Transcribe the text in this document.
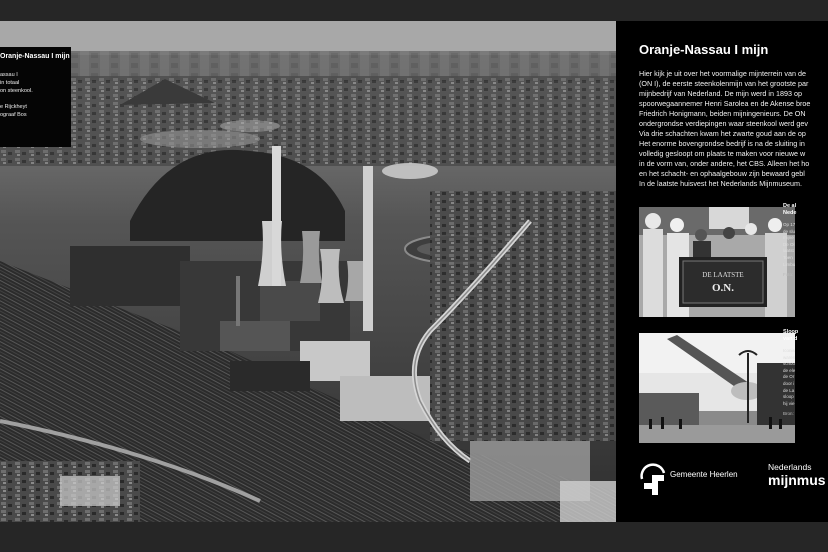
Oranje-Nassau I mijn
assau I
in totaal
on steenkool.
e Rijckheyt
ograaf Bos
Oranje-Nassau I mijn
Hier kijk je uit over het voormalige mijnterrein van de
(ON I), de eerste steenkolenmijn van het grootste par
mijnbedrijf van Nederland. De mijn werd in 1893 op
spoorwegaannemer Henri Sarolea en de Akense broe
Friedrich Honigmann, beiden mijningenieurs. De ON
ondergrondse verdiepingen waar steenkool werd gev
Via drie schachten kwam het zwarte goud aan de op
Het enorme bovengrondse bedrijf is na de sluiting in
volledig gesloopt om plaats te maken voor nieuwe w
in de vorm van, onder andere, het CBS. Alleen het ho
en het schacht- en ophaalgebouw zijn bewaard gebl
In de laatste huisvest het Nederlands Mijnmuseum.
DE LAATSTE
O.N.
De al
Nede
Op 17
de slu
mijne
De Ol
laatst
Toen
Limbu
Foto:
Sloop
van d
Iconis
waren
schoo
de ele
de Or
door i
de La
sloop
hij vie
Bron:
Gemeente Heerlen
Nederlands
mijnmus
